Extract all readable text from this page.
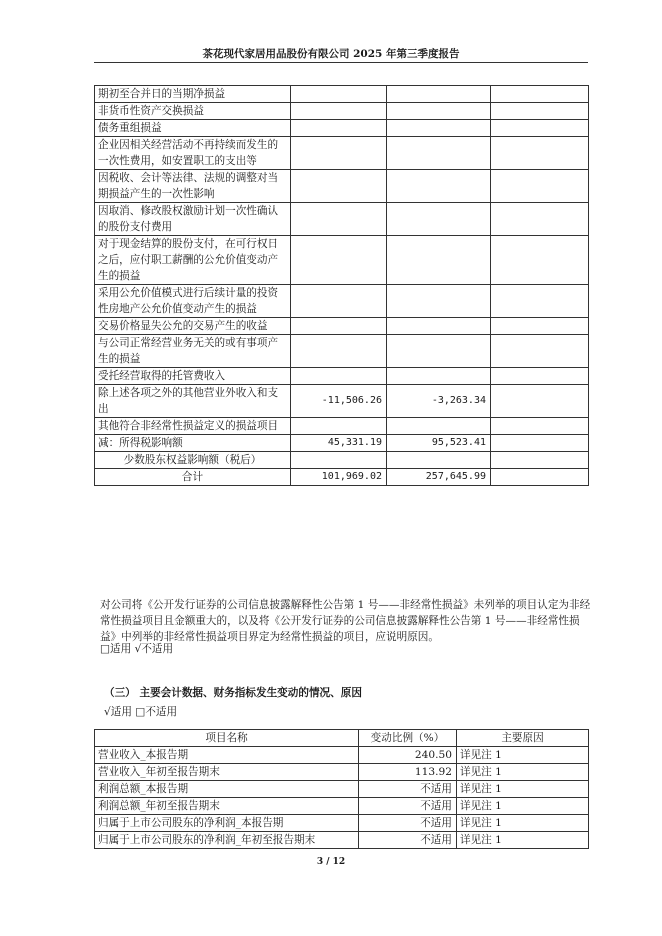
茶花现代家居用品股份有限公司 2025 年第三季度报告
期初至合并日的当期净损益			
非货币性资产交换损益			
债务重组损益			
企业因相关经营活动不再持续而发生的一次性费用，如安置职工的支出等			
因税收、会计等法律、法规的调整对当期损益产生的一次性影响			
因取消、修改股权激励计划一次性确认的股份支付费用			
对于现金结算的股份支付，在可行权日之后，应付职工薪酬的公允价值变动产生的损益			
采用公允价值模式进行后续计量的投资性房地产公允价值变动产生的损益			
交易价格显失公允的交易产生的收益			
与公司正常经营业务无关的或有事项产生的损益			
受托经营取得的托管费收入			
除上述各项之外的其他营业外收入和支出	-11,506.26	-3,263.34	
其他符合非经常性损益定义的损益项目			
减：所得税影响额	45,331.19	95,523.41	
少数股东权益影响额（税后）			
合计	101,969.02	257,645.99	
对公司将《公开发行证券的公司信息披露解释性公告第 1 号——非经常性损益》未列举的项目认定为非经常性损益项目且金额重大的，以及将《公开发行证券的公司信息披露解释性公告第 1 号——非经常性损益》中列举的非经常性损益项目界定为经常性损益的项目，应说明原因。
□适用 √不适用
（三） 主要会计数据、财务指标发生变动的情况、原因
√适用 □不适用
项目名称	变动比例（%）	主要原因
营业收入_本报告期	240.50	详见注 1
营业收入_年初至报告期末	113.92	详见注 1
利润总额_本报告期	不适用	详见注 1
利润总额_年初至报告期末	不适用	详见注 1
归属于上市公司股东的净利润_本报告期	不适用	详见注 1
归属于上市公司股东的净利润_年初至报告期末	不适用	详见注 1
3 / 12
